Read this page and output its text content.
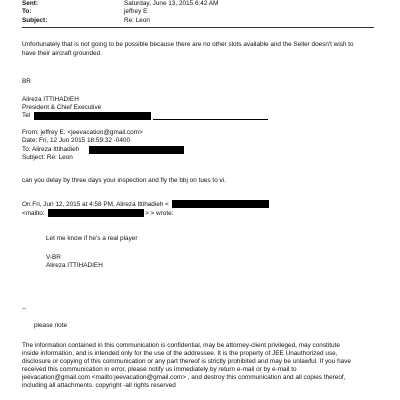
Sent:	Saturday, June 13, 2015 6:42 AM
To:	jeffrey E
Subject:	Re: Leon
Unfortunately that is not going to be possible because there are no other slots available and the Seller doesn't wish to
have their aircraft grounded.
BR
Alireza ITTIHADIEH
President & Chief Executive
Tel
From: jeffrey E. <jeevacation@gmail.com>
Date: Fri, 12 Jun 2015 18:59:32 -0400
To: Alireza Ittihadieh
Subject: Re: Leon
can you delay by three days your inspection and fly the bbj on tues to vi.
On Fri, Jun 12, 2015 at 4:58 PM, Alireza Ittihadieh <
<mailto:	> > wrote:
Let me know if he's a real player
V-BR
Alireza ITTIHADIEH
--
please note
The information contained in this communication is confidential, may be attorney-client privileged, may constitute
inside information, and is intended only for the use of the addressee. It is the property of JEE Unauthorized use,
disclosure or copying of this communication or any part thereof is strictly prohibited and may be unlawful. If you have
received this communication in error, please notify us immediately by return e-mail or by e-mail to
jeevacation@gmail.com <mailto:jeevacation@gmail.com> , and destroy this communication and all copies thereof,
including all attachments. copyright -all rights reserved
